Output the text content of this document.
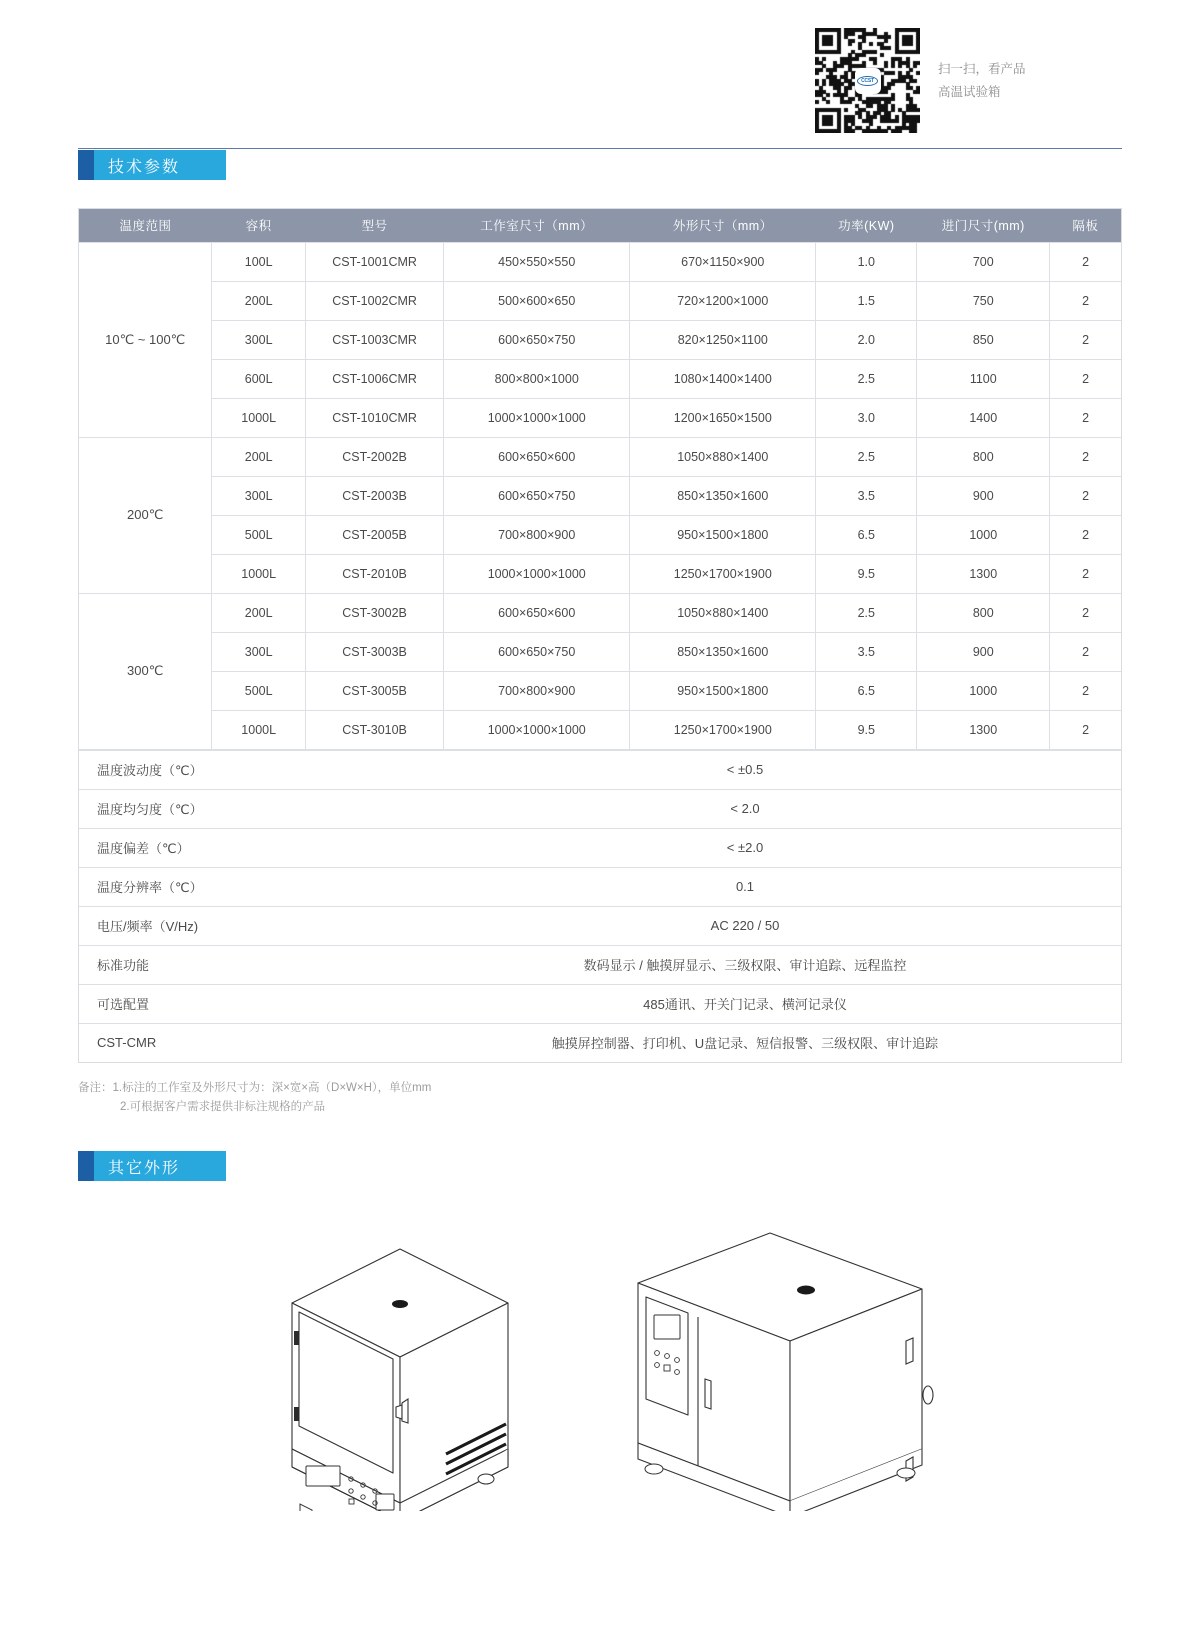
CCST
扫一扫，看产品
高温试验箱
技术参数
温度范围	容积	型号	工作室尺寸（mm）	外形尺寸（mm）	功率(KW)	进门尺寸(mm)	隔板
10℃ ~ 100℃	100L	CST-1001CMR	450×550×550	670×1150×900	1.0	700	2
	200L	CST-1002CMR	500×600×650	720×1200×1000	1.5	750	2
	300L	CST-1003CMR	600×650×750	820×1250×1100	2.0	850	2
	600L	CST-1006CMR	800×800×1000	1080×1400×1400	2.5	1100	2
	1000L	CST-1010CMR	1000×1000×1000	1200×1650×1500	3.0	1400	2
200℃	200L	CST-2002B	600×650×600	1050×880×1400	2.5	800	2
	300L	CST-2003B	600×650×750	850×1350×1600	3.5	900	2
	500L	CST-2005B	700×800×900	950×1500×1800	6.5	1000	2
	1000L	CST-2010B	1000×1000×1000	1250×1700×1900	9.5	1300	2
300℃	200L	CST-3002B	600×650×600	1050×880×1400	2.5	800	2
	300L	CST-3003B	600×650×750	850×1350×1600	3.5	900	2
	500L	CST-3005B	700×800×900	950×1500×1800	6.5	1000	2
	1000L	CST-3010B	1000×1000×1000	1250×1700×1900	9.5	1300	2
温度波动度（℃）	< ±0.5
温度均匀度（℃）	< 2.0
温度偏差（℃）	< ±2.0
温度分辨率（℃）	0.1
电压/频率（V/Hz)	AC 220 / 50
标准功能	数码显示 / 触摸屏显示、三级权限、审计追踪、远程监控
可选配置	485通讯、开关门记录、横河记录仪
CST-CMR	触摸屏控制器、打印机、U盘记录、短信报警、三级权限、审计追踪
备注：1.标注的工作室及外形尺寸为：深×宽×高（D×W×H），单位mm
2.可根据客户需求提供非标注规格的产品
其它外形
